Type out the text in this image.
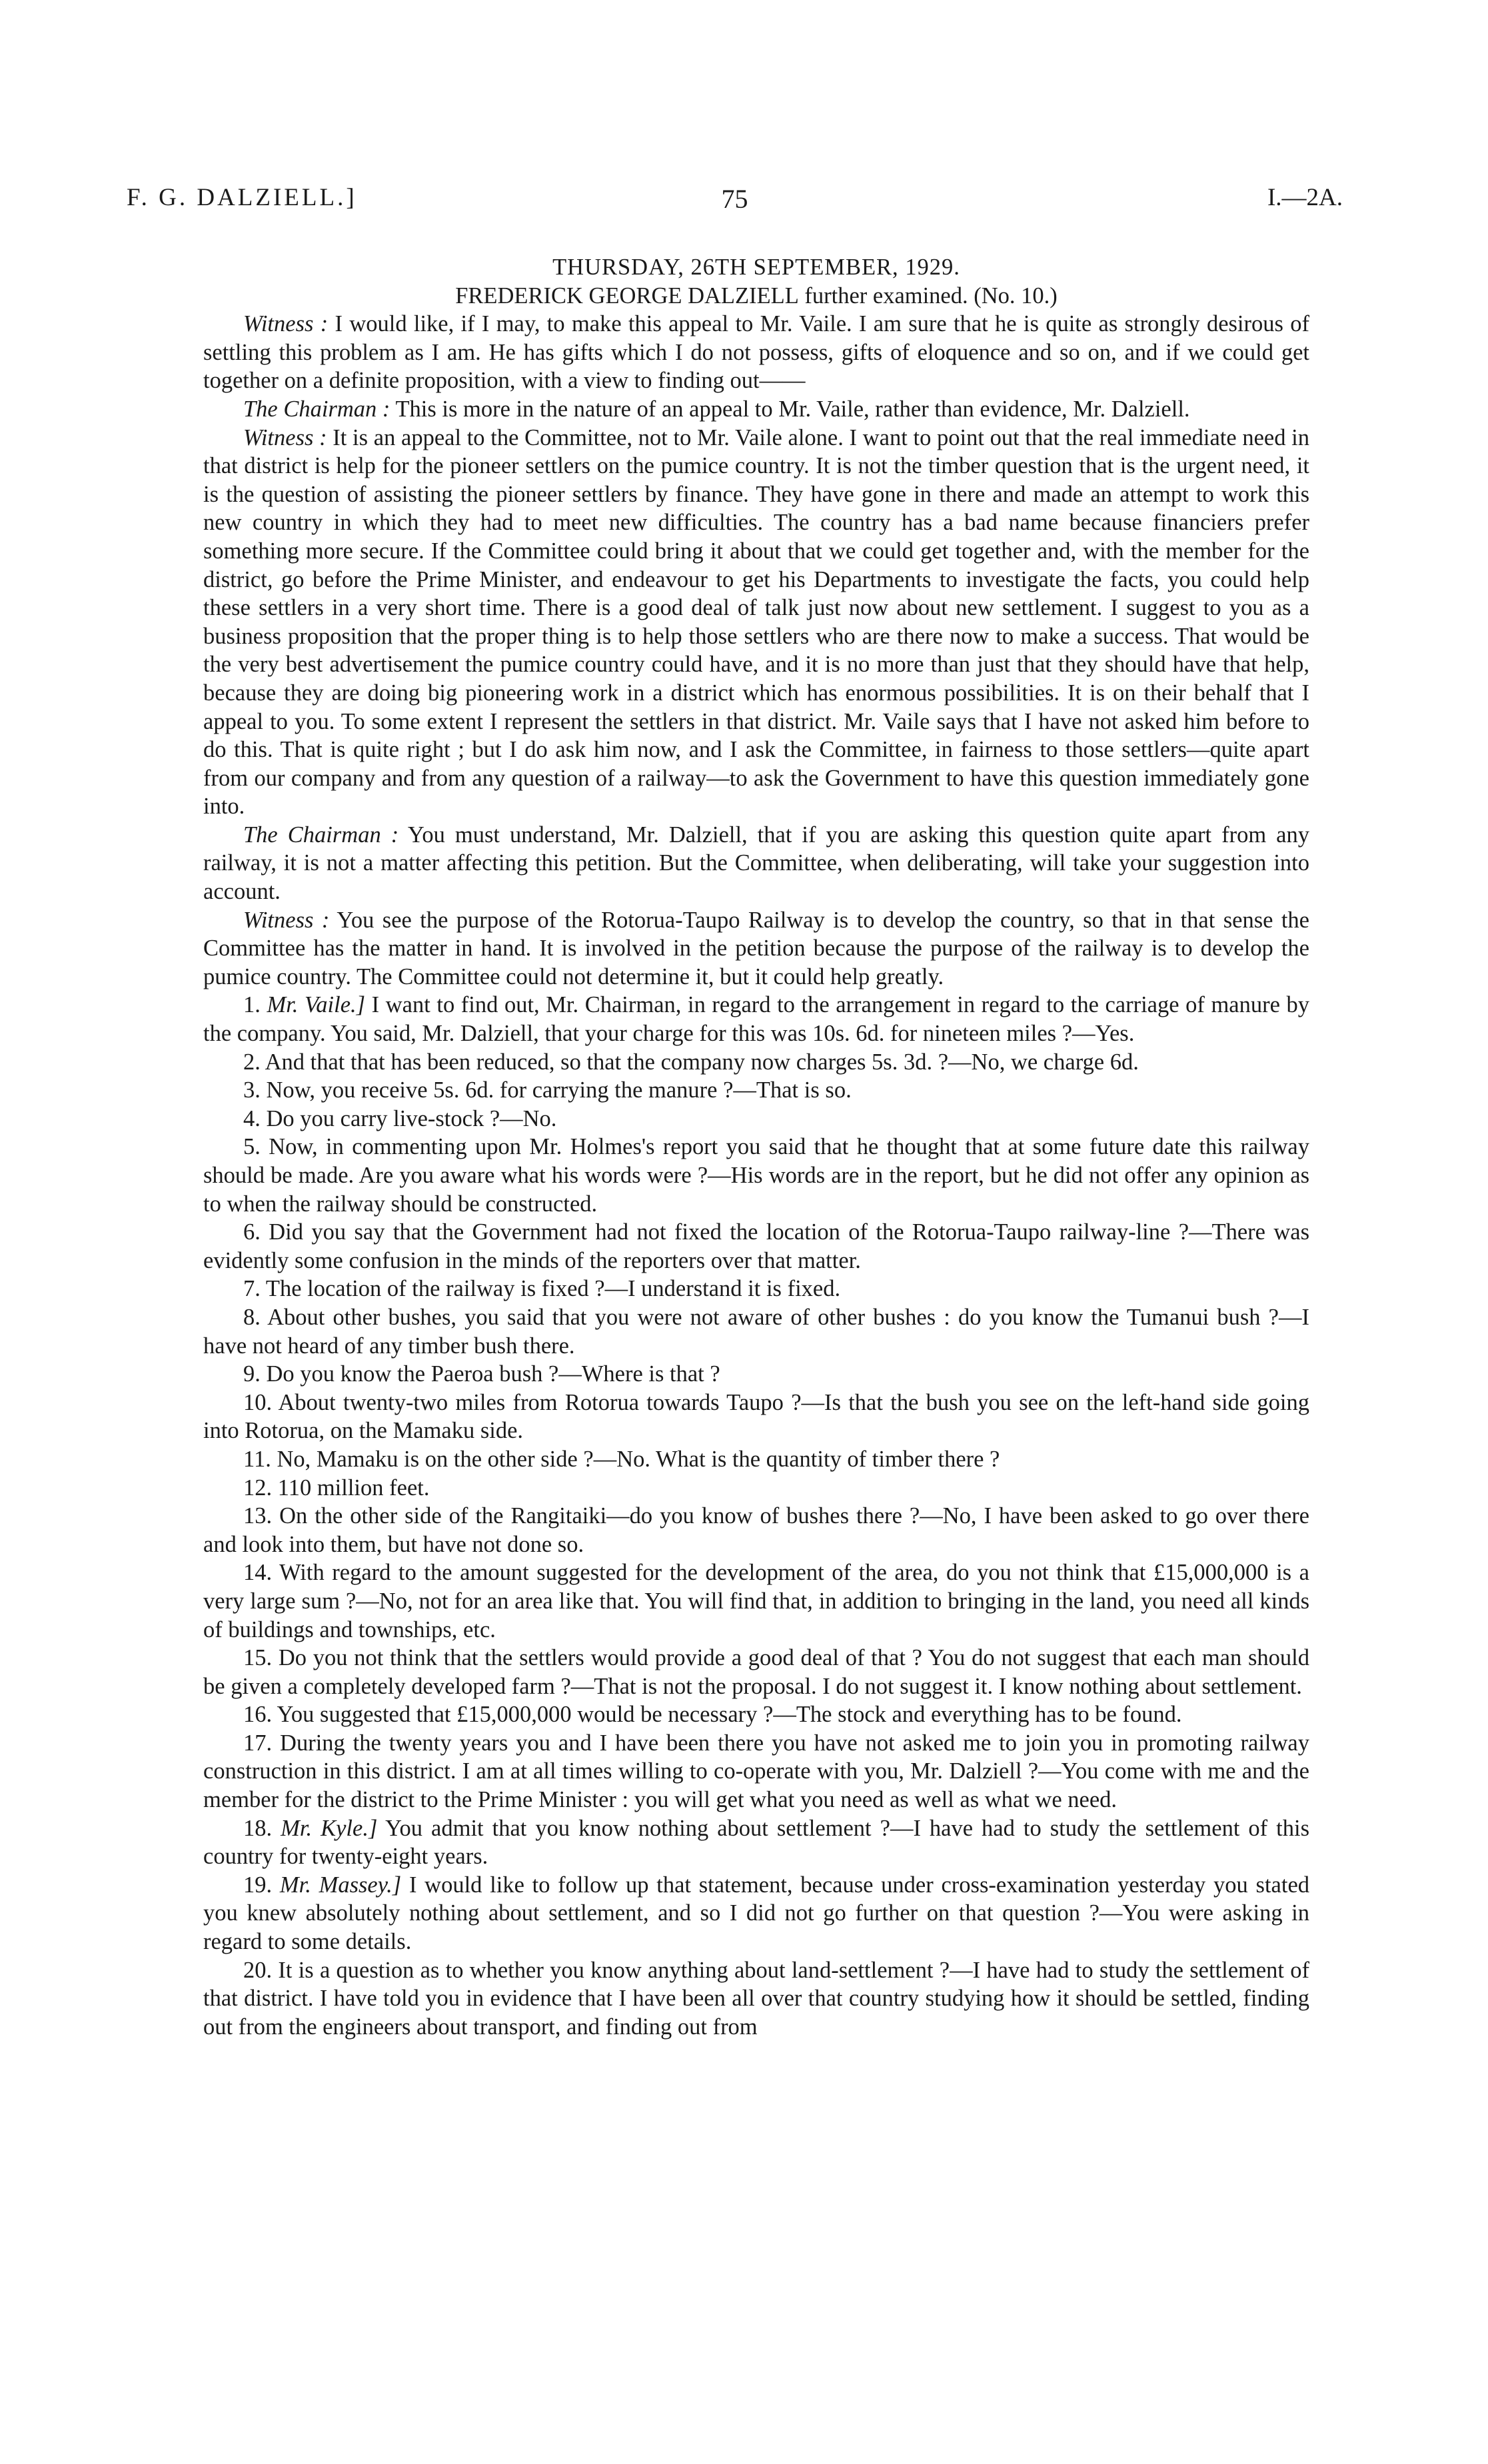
F. G. DALZIELL.]	75	I.—2A.

THURSDAY, 26TH SEPTEMBER, 1929.

FREDERICK GEORGE DALZIELL further examined. (No. 10.)

Witness : I would like, if I may, to make this appeal to Mr. Vaile. I am sure that he is quite as strongly desirous of settling this problem as I am. He has gifts which I do not possess, gifts of eloquence and so on, and if we could get together on a definite proposition, with a view to finding out——

The Chairman : This is more in the nature of an appeal to Mr. Vaile, rather than evidence, Mr. Dalziell.

Witness : It is an appeal to the Committee, not to Mr. Vaile alone. I want to point out that the real immediate need in that district is help for the pioneer settlers on the pumice country. It is not the timber question that is the urgent need, it is the question of assisting the pioneer settlers by finance. They have gone in there and made an attempt to work this new country in which they had to meet new difficulties. The country has a bad name because financiers prefer something more secure. If the Committee could bring it about that we could get together and, with the member for the district, go before the Prime Minister, and endeavour to get his Departments to investigate the facts, you could help these settlers in a very short time. There is a good deal of talk just now about new settlement. I suggest to you as a business proposition that the proper thing is to help those settlers who are there now to make a success. That would be the very best advertisement the pumice country could have, and it is no more than just that they should have that help, because they are doing big pioneering work in a district which has enormous possibilities. It is on their behalf that I appeal to you. To some extent I represent the settlers in that district. Mr. Vaile says that I have not asked him before to do this. That is quite right ; but I do ask him now, and I ask the Committee, in fairness to those settlers—quite apart from our company and from any question of a railway—to ask the Government to have this question immediately gone into.

The Chairman : You must understand, Mr. Dalziell, that if you are asking this question quite apart from any railway, it is not a matter affecting this petition. But the Committee, when deliberating, will take your suggestion into account.

Witness : You see the purpose of the Rotorua-Taupo Railway is to develop the country, so that in that sense the Committee has the matter in hand. It is involved in the petition because the purpose of the railway is to develop the pumice country. The Committee could not determine it, but it could help greatly.

1. Mr. Vaile.] I want to find out, Mr. Chairman, in regard to the arrangement in regard to the carriage of manure by the company. You said, Mr. Dalziell, that your charge for this was 10s. 6d. for nineteen miles ?—Yes.

2. And that that has been reduced, so that the company now charges 5s. 3d. ?—No, we charge 6d.

3. Now, you receive 5s. 6d. for carrying the manure ?—That is so.

4. Do you carry live-stock ?—No.

5. Now, in commenting upon Mr. Holmes's report you said that he thought that at some future date this railway should be made. Are you aware what his words were ?—His words are in the report, but he did not offer any opinion as to when the railway should be constructed.

6. Did you say that the Government had not fixed the location of the Rotorua-Taupo railway-line ?—There was evidently some confusion in the minds of the reporters over that matter.

7. The location of the railway is fixed ?—I understand it is fixed.

8. About other bushes, you said that you were not aware of other bushes : do you know the Tumanui bush ?—I have not heard of any timber bush there.

9. Do you know the Paeroa bush ?—Where is that ?

10. About twenty-two miles from Rotorua towards Taupo ?—Is that the bush you see on the left-hand side going into Rotorua, on the Mamaku side.

11. No, Mamaku is on the other side ?—No. What is the quantity of timber there ?

12. 110 million feet.

13. On the other side of the Rangitaiki—do you know of bushes there ?—No, I have been asked to go over there and look into them, but have not done so.

14. With regard to the amount suggested for the development of the area, do you not think that £15,000,000 is a very large sum ?—No, not for an area like that. You will find that, in addition to bringing in the land, you need all kinds of buildings and townships, etc.

15. Do you not think that the settlers would provide a good deal of that ? You do not suggest that each man should be given a completely developed farm ?—That is not the proposal. I do not suggest it. I know nothing about settlement.

16. You suggested that £15,000,000 would be necessary ?—The stock and everything has to be found.

17. During the twenty years you and I have been there you have not asked me to join you in promoting railway construction in this district. I am at all times willing to co-operate with you, Mr. Dalziell ?—You come with me and the member for the district to the Prime Minister : you will get what you need as well as what we need.

18. Mr. Kyle.] You admit that you know nothing about settlement ?—I have had to study the settlement of this country for twenty-eight years.

19. Mr. Massey.] I would like to follow up that statement, because under cross-examination yesterday you stated you knew absolutely nothing about settlement, and so I did not go further on that question ?—You were asking in regard to some details.

20. It is a question as to whether you know anything about land-settlement ?—I have had to study the settlement of that district. I have told you in evidence that I have been all over that country studying how it should be settled, finding out from the engineers about transport, and finding out from
